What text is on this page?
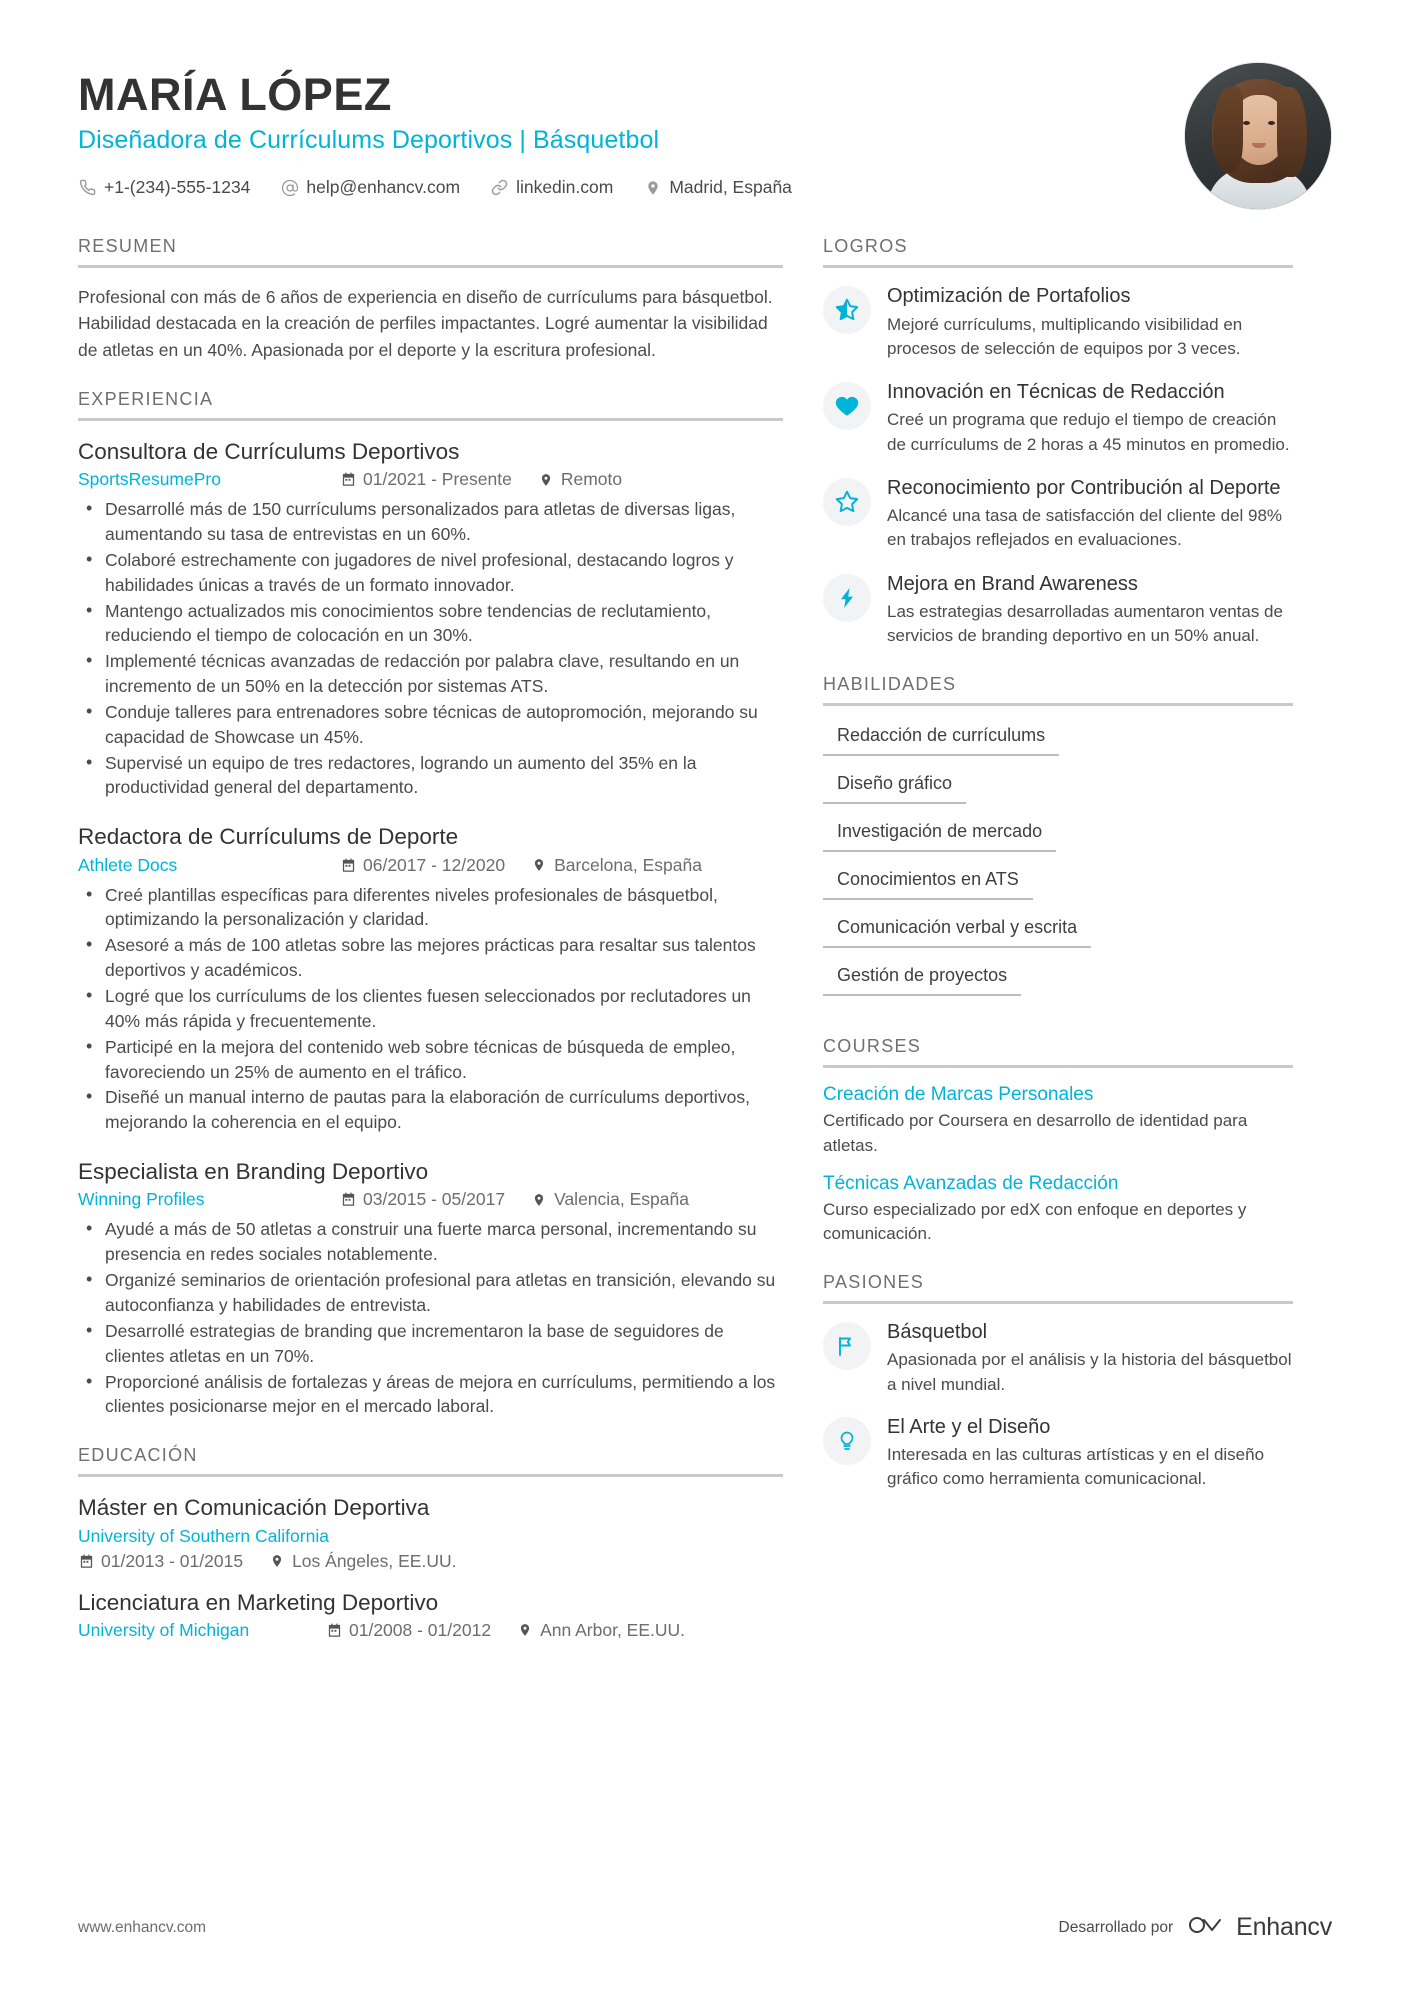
MARÍA LÓPEZ
Diseñadora de Currículums Deportivos | Básquetbol
+1-(234)-555-1234	help@enhancv.com	linkedin.com	Madrid, España
RESUMEN
Profesional con más de 6 años de experiencia en diseño de currículums para básquetbol. Habilidad destacada en la creación de perfiles impactantes. Logré aumentar la visibilidad de atletas en un 40%. Apasionada por el deporte y la escritura profesional.
EXPERIENCIA
Consultora de Currículums Deportivos
SportsResumePro	01/2021 - Presente	Remoto
• Desarrollé más de 150 currículums personalizados para atletas de diversas ligas, aumentando su tasa de entrevistas en un 60%.
• Colaboré estrechamente con jugadores de nivel profesional, destacando logros y habilidades únicas a través de un formato innovador.
• Mantengo actualizados mis conocimientos sobre tendencias de reclutamiento, reduciendo el tiempo de colocación en un 30%.
• Implementé técnicas avanzadas de redacción por palabra clave, resultando en un incremento de un 50% en la detección por sistemas ATS.
• Conduje talleres para entrenadores sobre técnicas de autopromoción, mejorando su capacidad de Showcase un 45%.
• Supervisé un equipo de tres redactores, logrando un aumento del 35% en la productividad general del departamento.
Redactora de Currículums de Deporte
Athlete Docs	06/2017 - 12/2020	Barcelona, España
• Creé plantillas específicas para diferentes niveles profesionales de básquetbol, optimizando la personalización y claridad.
• Asesoré a más de 100 atletas sobre las mejores prácticas para resaltar sus talentos deportivos y académicos.
• Logré que los currículums de los clientes fuesen seleccionados por reclutadores un 40% más rápida y frecuentemente.
• Participé en la mejora del contenido web sobre técnicas de búsqueda de empleo, favoreciendo un 25% de aumento en el tráfico.
• Diseñé un manual interno de pautas para la elaboración de currículums deportivos, mejorando la coherencia en el equipo.
Especialista en Branding Deportivo
Winning Profiles	03/2015 - 05/2017	Valencia, España
• Ayudé a más de 50 atletas a construir una fuerte marca personal, incrementando su presencia en redes sociales notablemente.
• Organizé seminarios de orientación profesional para atletas en transición, elevando su autoconfianza y habilidades de entrevista.
• Desarrollé estrategias de branding que incrementaron la base de seguidores de clientes atletas en un 70%.
• Proporcioné análisis de fortalezas y áreas de mejora en currículums, permitiendo a los clientes posicionarse mejor en el mercado laboral.
EDUCACIÓN
Máster en Comunicación Deportiva
University of Southern California
01/2013 - 01/2015	Los Ángeles, EE.UU.
Licenciatura en Marketing Deportivo
University of Michigan	01/2008 - 01/2012	Ann Arbor, EE.UU.
LOGROS
Optimización de Portafolios
Mejoré currículums, multiplicando visibilidad en procesos de selección de equipos por 3 veces.
Innovación en Técnicas de Redacción
Creé un programa que redujo el tiempo de creación de currículums de 2 horas a 45 minutos en promedio.
Reconocimiento por Contribución al Deporte
Alcancé una tasa de satisfacción del cliente del 98% en trabajos reflejados en evaluaciones.
Mejora en Brand Awareness
Las estrategias desarrolladas aumentaron ventas de servicios de branding deportivo en un 50% anual.
HABILIDADES
Redacción de currículums
Diseño gráfico
Investigación de mercado
Conocimientos en ATS
Comunicación verbal y escrita
Gestión de proyectos
COURSES
Creación de Marcas Personales
Certificado por Coursera en desarrollo de identidad para atletas.
Técnicas Avanzadas de Redacción
Curso especializado por edX con enfoque en deportes y comunicación.
PASIONES
Básquetbol
Apasionada por el análisis y la historia del básquetbol a nivel mundial.
El Arte y el Diseño
Interesada en las culturas artísticas y en el diseño gráfico como herramienta comunicacional.
www.enhancv.com	Desarrollado por	Enhancv
